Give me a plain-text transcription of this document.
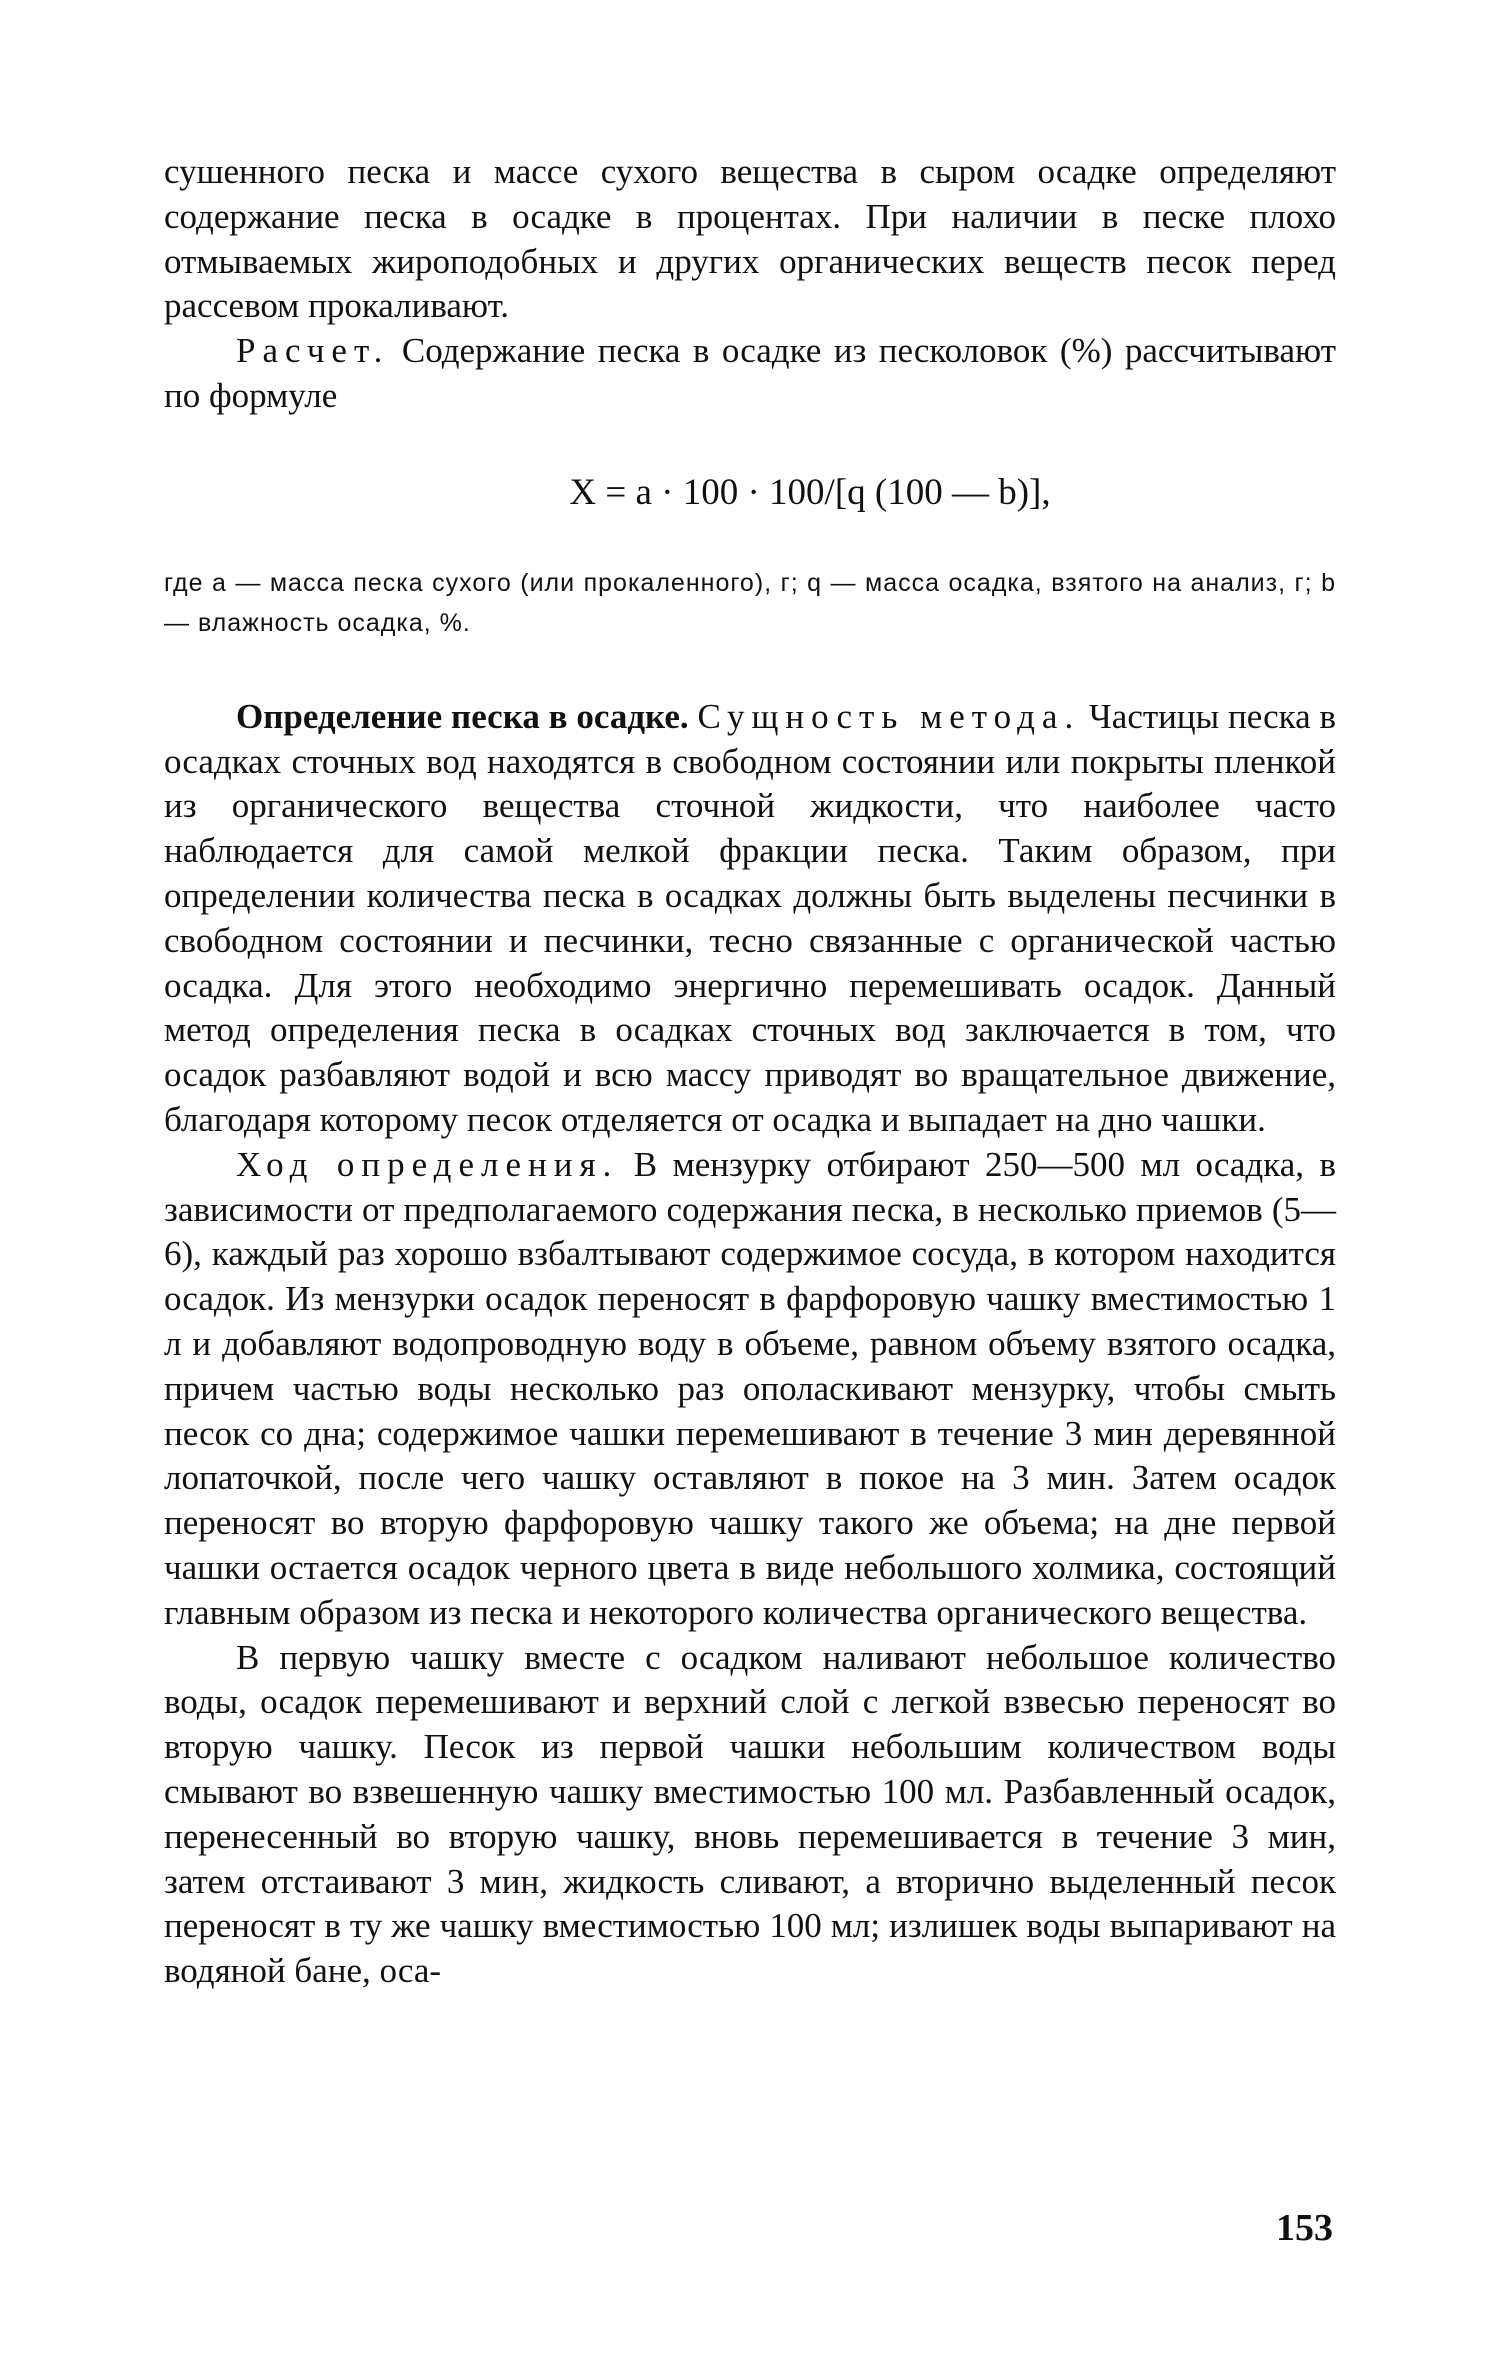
сушенного песка и массе сухого вещества в сыром осадке определяют содержание песка в осадке в процентах. При наличии в песке плохо отмываемых жироподобных и других органических веществ песок перед рассевом прокаливают.

Расчет. Содержание песка в осадке из песколовок (%) рассчитывают по формуле

X = a · 100 · 100/[q (100 — b)],

где a — масса песка сухого (или прокаленного), г; q — масса осадка, взятого на анализ, г; b — влажность осадка, %.

Определение песка в осадке. Сущность метода. Частицы песка в осадках сточных вод находятся в свободном состоянии или покрыты пленкой из органического вещества сточной жидкости, что наиболее часто наблюдается для самой мелкой фракции песка. Таким образом, при определении количества песка в осадках должны быть выделены песчинки в свободном состоянии и песчинки, тесно связанные с органической частью осадка. Для этого необходимо энергично перемешивать осадок. Данный метод определения песка в осадках сточных вод заключается в том, что осадок разбавляют водой и всю массу приводят во вращательное движение, благодаря которому песок отделяется от осадка и выпадает на дно чашки.

Ход определения. В мензурку отбирают 250—500 мл осадка, в зависимости от предполагаемого содержания песка, в несколько приемов (5—6), каждый раз хорошо взбалтывают содержимое сосуда, в котором находится осадок. Из мензурки осадок переносят в фарфоровую чашку вместимостью 1 л и добавляют водопроводную воду в объеме, равном объему взятого осадка, причем частью воды несколько раз ополаскивают мензурку, чтобы смыть песок со дна; содержимое чашки перемешивают в течение 3 мин деревянной лопаточкой, после чего чашку оставляют в покое на 3 мин. Затем осадок переносят во вторую фарфоровую чашку такого же объема; на дне первой чашки остается осадок черного цвета в виде небольшого холмика, состоящий главным образом из песка и некоторого количества органического вещества.

В первую чашку вместе с осадком наливают небольшое количество воды, осадок перемешивают и верхний слой с легкой взвесью переносят во вторую чашку. Песок из первой чашки небольшим количеством воды смывают во взвешенную чашку вместимостью 100 мл. Разбавленный осадок, перенесенный во вторую чашку, вновь перемешивается в течение 3 мин, затем отстаивают 3 мин, жидкость сливают, а вторично выделенный песок переносят в ту же чашку вместимостью 100 мл; излишек воды выпаривают на водяной бане, оса-

153
